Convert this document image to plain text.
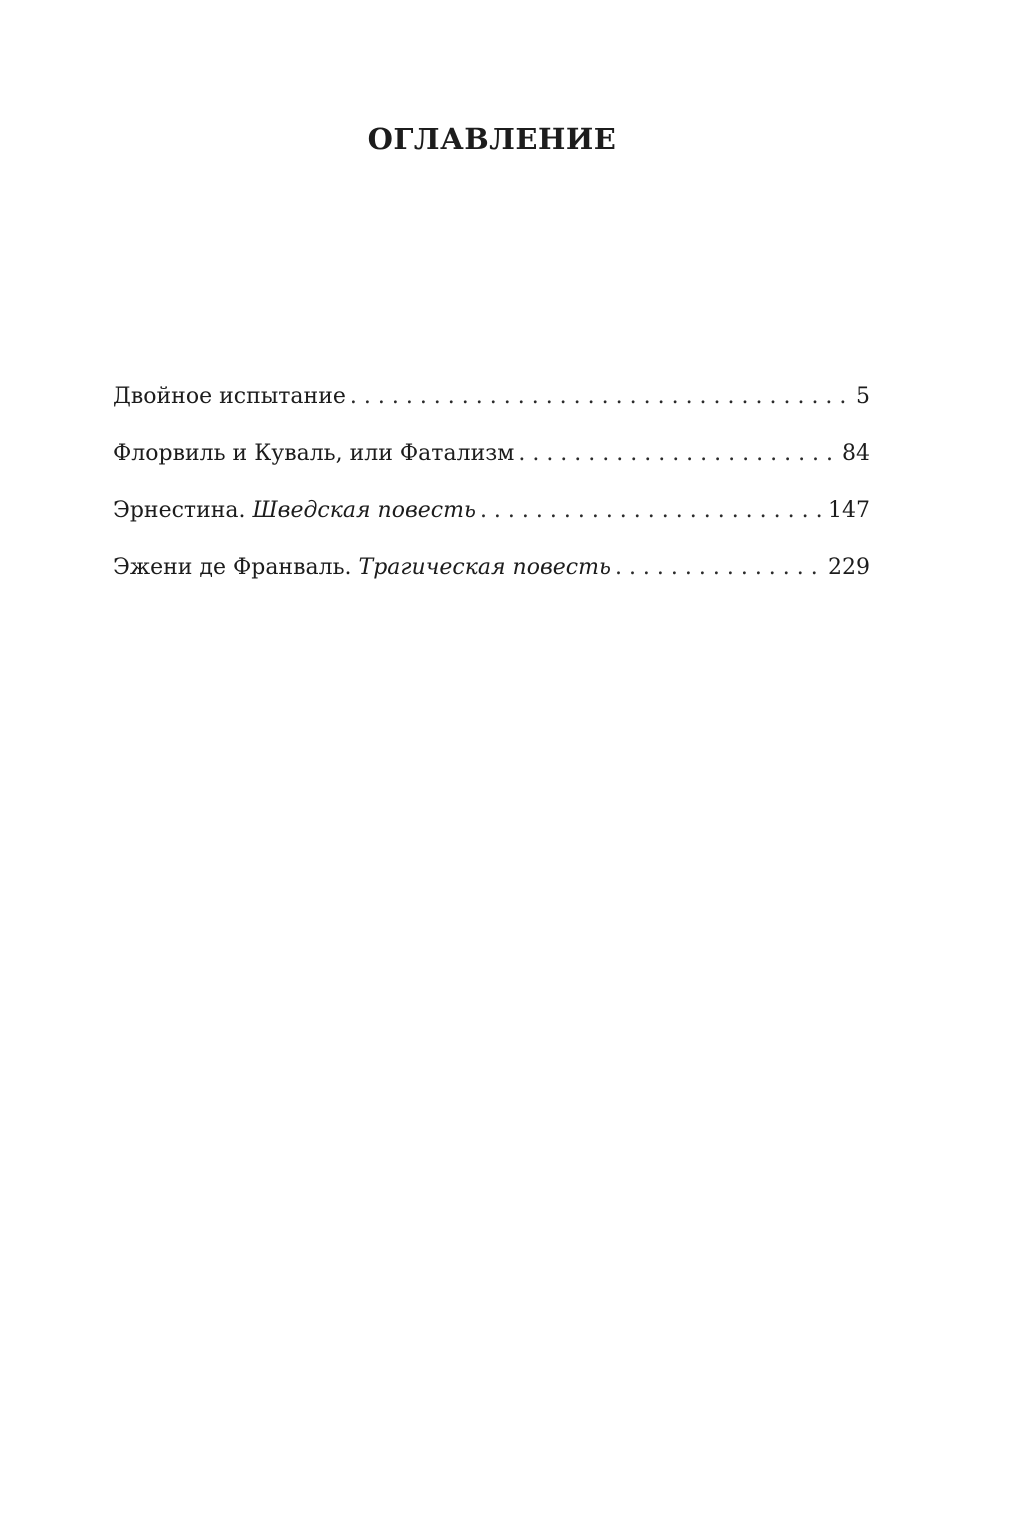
ОГЛАВЛЕНИЕ
Двойное испытание . . .	5
Флорвиль и Куваль, или Фатализм . . .	84
Эрнестина. Шведская повесть . . .	147
Эжени де Франваль. Трагическая повесть . . .	229
